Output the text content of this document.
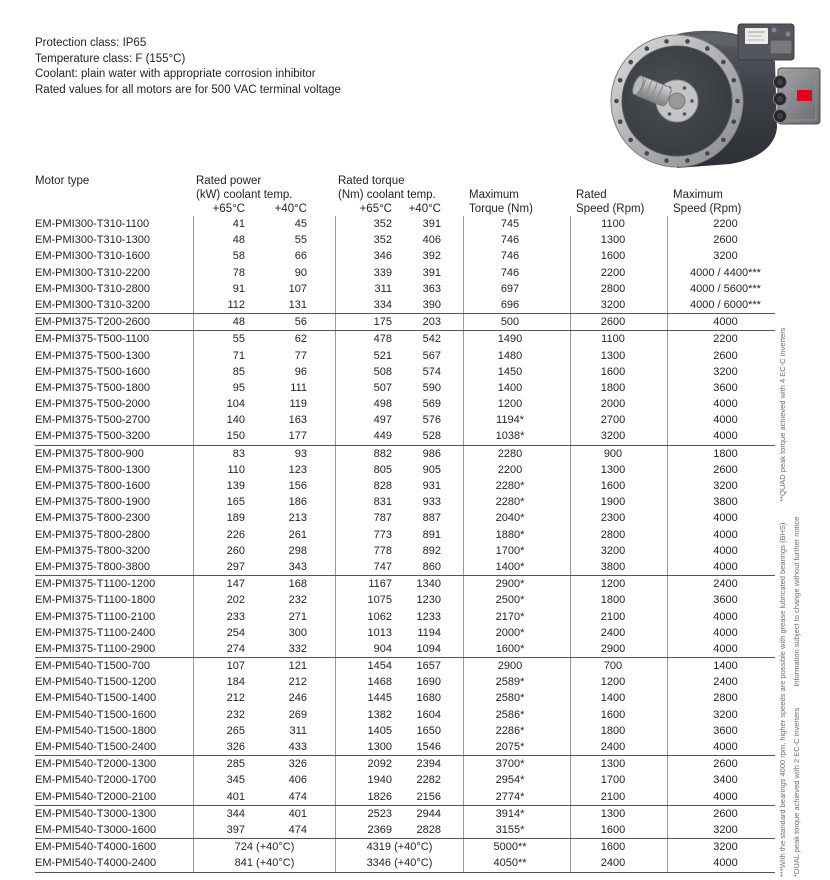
Protection class: IP65
Temperature class: F (155°C)
Coolant: plain water with appropriate corrosion inhibitor
Rated values for all motors are for 500 VAC terminal voltage
Motor type	Rated power	Rated torque
(kW) coolant temp.	(Nm) coolant temp.	Maximum	Rated	Maximum
+65°C	+40°C	+65°C	+40°C	Torque (Nm)	Speed (Rpm)	Speed (Rpm)
EM-PMI300-T310-1100	41	45	352	391	745	1100	2200
EM-PMI300-T310-1300	48	55	352	406	746	1300	2600
EM-PMI300-T310-1600	58	66	346	392	746	1600	3200
EM-PMI300-T310-2200	78	90	339	391	746	2200	4000 / 4400***
EM-PMI300-T310-2800	91	107	311	363	697	2800	4000 / 5600***
EM-PMI300-T310-3200	112	131	334	390	696	3200	4000 / 6000***
EM-PMI375-T200-2600	48	56	175	203	500	2600	4000
EM-PMI375-T500-1100	55	62	478	542	1490	1100	2200
EM-PMI375-T500-1300	71	77	521	567	1480	1300	2600
EM-PMI375-T500-1600	85	96	508	574	1450	1600	3200
EM-PMI375-T500-1800	95	111	507	590	1400	1800	3600
EM-PMI375-T500-2000	104	119	498	569	1200	2000	4000
EM-PMI375-T500-2700	140	163	497	576	1194*	2700	4000
EM-PMI375-T500-3200	150	177	449	528	1038*	3200	4000
EM-PMI375-T800-900	83	93	882	986	2280	900	1800
EM-PMI375-T800-1300	110	123	805	905	2200	1300	2600
EM-PMI375-T800-1600	139	156	828	931	2280*	1600	3200
EM-PMI375-T800-1900	165	186	831	933	2280*	1900	3800
EM-PMI375-T800-2300	189	213	787	887	2040*	2300	4000
EM-PMI375-T800-2800	226	261	773	891	1880*	2800	4000
EM-PMI375-T800-3200	260	298	778	892	1700*	3200	4000
EM-PMI375-T800-3800	297	343	747	860	1400*	3800	4000
EM-PMI375-T1100-1200	147	168	1167	1340	2900*	1200	2400
EM-PMI375-T1100-1800	202	232	1075	1230	2500*	1800	3600
EM-PMI375-T1100-2100	233	271	1062	1233	2170*	2100	4000
EM-PMI375-T1100-2400	254	300	1013	1194	2000*	2400	4000
EM-PMI375-T1100-2900	274	332	904	1094	1600*	2900	4000
EM-PMI540-T1500-700	107	121	1454	1657	2900	700	1400
EM-PMI540-T1500-1200	184	212	1468	1690	2589*	1200	2400
EM-PMI540-T1500-1400	212	246	1445	1680	2580*	1400	2800
EM-PMI540-T1500-1600	232	269	1382	1604	2586*	1600	3200
EM-PMI540-T1500-1800	265	311	1405	1650	2286*	1800	3600
EM-PMI540-T1500-2400	326	433	1300	1546	2075*	2400	4000
EM-PMI540-T2000-1300	285	326	2092	2394	3700*	1300	2600
EM-PMI540-T2000-1700	345	406	1940	2282	2954*	1700	3400
EM-PMI540-T2000-2100	401	474	1826	2156	2774*	2100	4000
EM-PMI540-T3000-1300	344	401	2523	2944	3914*	1300	2600
EM-PMI540-T3000-1600	397	474	2369	2828	3155*	1600	3200
EM-PMI540-T4000-1600	724 (+40°C)	4319 (+40°C)	5000**	1600	3200
EM-PMI540-T4000-2400	841 (+40°C)	3346 (+40°C)	4050**	2400	4000	***With the standard bearings 4000 rpm, higher speeds are possible with grease lubricated bearings (BHS)          **QUAD peak torque achieved with 4 EC-C inverters *DUAL peak torque achieved with 2 EC-C inverters          Information subject to change without further notice
